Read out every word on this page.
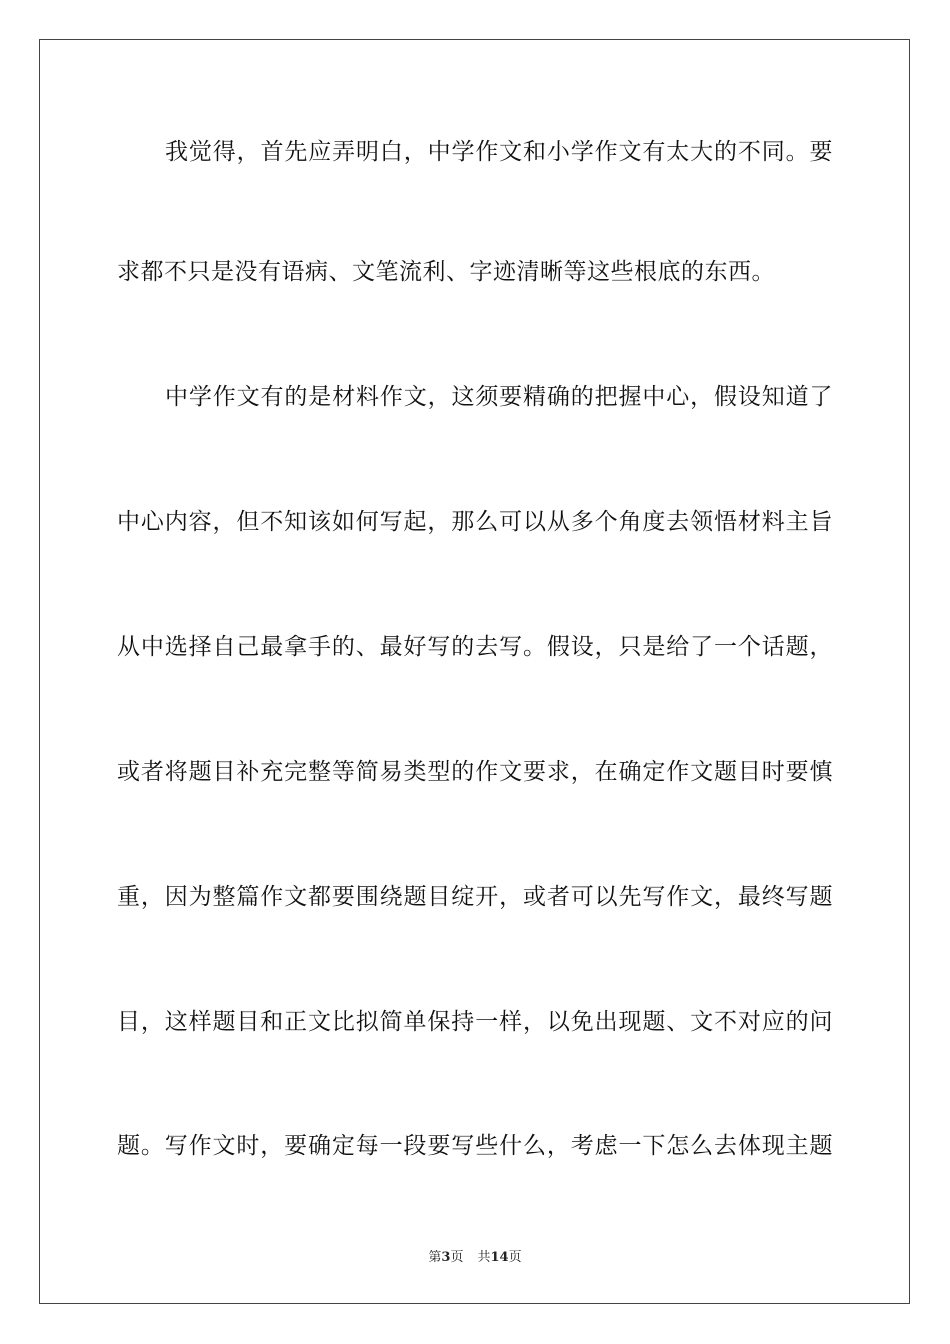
我觉得，首先应弄明白，中学作文和小学作文有太大的不同。要
求都不只是没有语病、文笔流利、字迹清晰等这些根底的东西。
中学作文有的是材料作文，这须要精确的把握中心，假设知道了
中心内容，但不知该如何写起，那么可以从多个角度去领悟材料主旨
从中选择自己最拿手的、最好写的去写。假设，只是给了一个话题，
或者将题目补充完整等简易类型的作文要求，在确定作文题目时要慎
重，因为整篇作文都要围绕题目绽开，或者可以先写作文，最终写题
目，这样题目和正文比拟简单保持一样，以免出现题、文不对应的问
题。写作文时，要确定每一段要写些什么，考虑一下怎么去体现主题
第3页 共14页
